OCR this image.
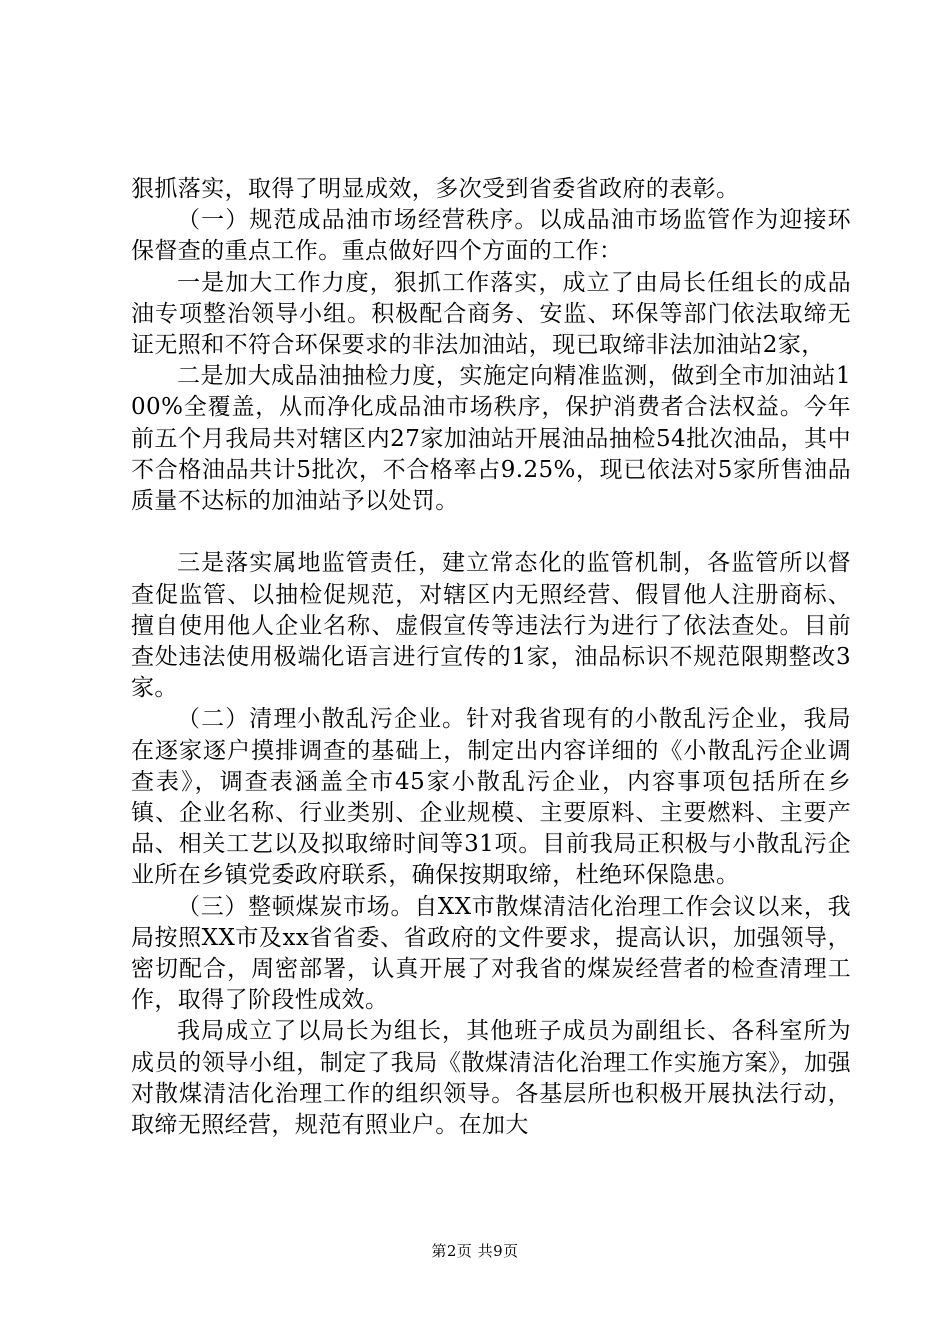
狠抓落实，取得了明显成效，多次受到省委省政府的表彰。

（一）规范成品油市场经营秩序。以成品油市场监管作为迎接环保督查的重点工作。重点做好四个方面的工作：

一是加大工作力度，狠抓工作落实，成立了由局长任组长的成品油专项整治领导小组。积极配合商务、安监、环保等部门依法取缔无证无照和不符合环保要求的非法加油站，现已取缔非法加油站2家，

二是加大成品油抽检力度，实施定向精准监测，做到全市加油站100%全覆盖，从而净化成品油市场秩序，保护消费者合法权益。今年前五个月我局共对辖区内27家加油站开展油品抽检54批次油品，其中不合格油品共计5批次，不合格率占9.25%，现已依法对5家所售油品质量不达标的加油站予以处罚。

三是落实属地监管责任，建立常态化的监管机制，各监管所以督查促监管、以抽检促规范，对辖区内无照经营、假冒他人注册商标、擅自使用他人企业名称、虚假宣传等违法行为进行了依法查处。目前查处违法使用极端化语言进行宣传的1家，油品标识不规范限期整改3家。

（二）清理小散乱污企业。针对我省现有的小散乱污企业，我局在逐家逐户摸排调查的基础上，制定出内容详细的《小散乱污企业调查表》，调查表涵盖全市45家小散乱污企业，内容事项包括所在乡镇、企业名称、行业类别、企业规模、主要原料、主要燃料、主要产品、相关工艺以及拟取缔时间等31项。目前我局正积极与小散乱污企业所在乡镇党委政府联系，确保按期取缔，杜绝环保隐患。

（三）整顿煤炭市场。自XX市散煤清洁化治理工作会议以来，我局按照XX市及xx省省委、省政府的文件要求，提高认识，加强领导，密切配合，周密部署，认真开展了对我省的煤炭经营者的检查清理工作，取得了阶段性成效。

我局成立了以局长为组长，其他班子成员为副组长、各科室所为成员的领导小组，制定了我局《散煤清洁化治理工作实施方案》，加强对散煤清洁化治理工作的组织领导。各基层所也积极开展执法行动，取缔无照经营，规范有照业户。在加大

第2页 共9页
